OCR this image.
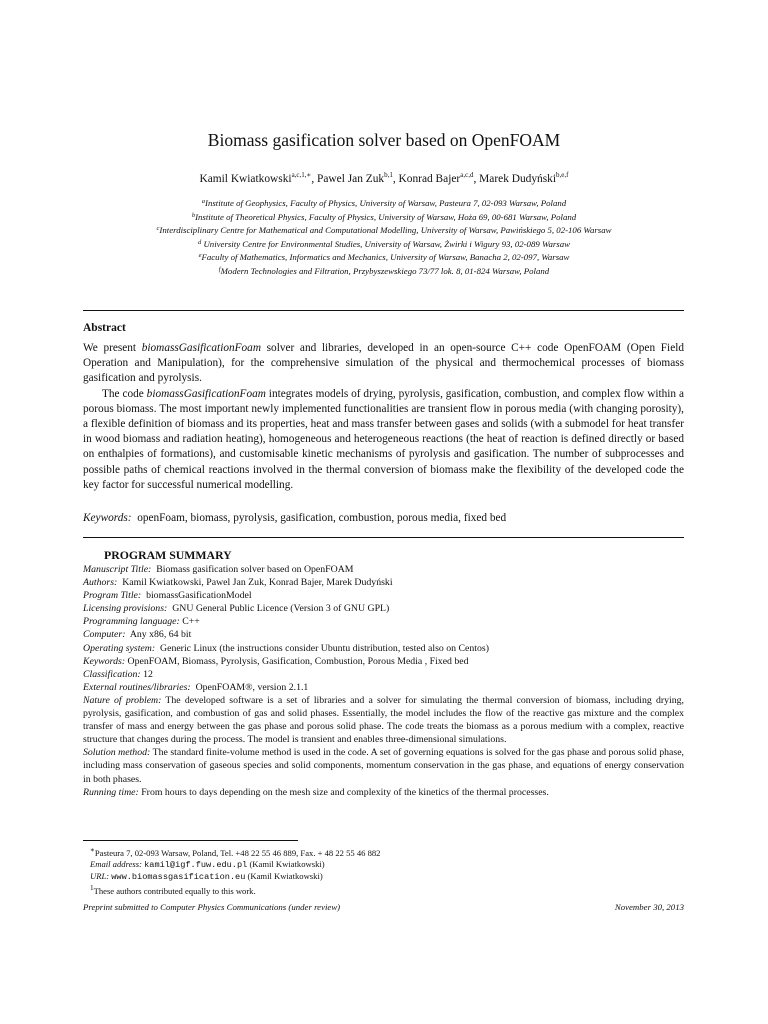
Biomass gasification solver based on OpenFOAM
Kamil Kwiatkowski$^{a,c,1,∗}$, Pawel Jan Zuk$^{b,1}$, Konrad Bajer$^{a,c,d}$, Marek Dudyński$^{b,e,f}$
$^a$Institute of Geophysics, Faculty of Physics, University of Warsaw, Pasteura 7, 02-093 Warsaw, Poland
$^b$Institute of Theoretical Physics, Faculty of Physics, University of Warsaw, Hoża 69, 00-681 Warsaw, Poland
$^c$Interdisciplinary Centre for Mathematical and Computational Modelling, University of Warsaw, Pawińskiego 5, 02-106 Warsaw
$^d$ University Centre for Environmental Studies, University of Warsaw, Żwirki i Wigury 93, 02-089 Warsaw
$^e$Faculty of Mathematics, Informatics and Mechanics, University of Warsaw, Banacha 2, 02-097, Warsaw
$^f$Modern Technologies and Filtration, Przybyszewskiego 73/77 lok. 8, 01-824 Warsaw, Poland
Abstract

We present biomassGasificationFoam solver and libraries, developed in an open-source C++ code OpenFOAM (Open Field Operation and Manipulation), for the comprehensive simulation of the physical and thermochemical processes of biomass gasification and pyrolysis.

The code biomassGasificationFoam integrates models of drying, pyrolysis, gasification, combustion, and complex flow within a porous biomass. The most important newly implemented functionalities are transient flow in porous media (with changing porosity), a flexible definition of biomass and its properties, heat and mass transfer between gases and solids (with a submodel for heat transfer in wood biomass and radiation heating), homogeneous and heterogeneous reactions (the heat of reaction is defined directly or based on enthalpies of formations), and customisable kinetic mechanisms of pyrolysis and gasification. The number of subprocesses and possible paths of chemical reactions involved in the thermal conversion of biomass make the flexibility of the developed code the key factor for successful numerical modelling.

Keywords: openFoam, biomass, pyrolysis, gasification, combustion, porous media, fixed bed
PROGRAM SUMMARY
Manuscript Title: Biomass gasification solver based on OpenFOAM
Authors: Kamil Kwiatkowski, Pawel Jan Zuk, Konrad Bajer, Marek Dudyński
Program Title: biomassGasificationModel
Licensing provisions: GNU General Public Licence (Version 3 of GNU GPL)
Programming language: C++
Computer: Any x86, 64 bit
Operating system: Generic Linux (the instructions consider Ubuntu distribution, tested also on Centos)
Keywords: OpenFOAM, Biomass, Pyrolysis, Gasification, Combustion, Porous Media , Fixed bed
Classification: 12
External routines/libraries: OpenFOAM®, version 2.1.1
Nature of problem: The developed software is a set of libraries and a solver for simulating the thermal conversion of biomass, including drying, pyrolysis, gasification, and combustion of gas and solid phases. Essentially, the model includes the flow of the reactive gas mixture and the complex transfer of mass and energy between the gas phase and porous solid phase. The code treats the biomass as a porous medium with a complex, reactive structure that changes during the process. The model is transient and enables three-dimensional simulations.
Solution method: The standard finite-volume method is used in the code. A set of governing equations is solved for the gas phase and porous solid phase, including mass conservation of gaseous species and solid components, momentum conservation in the gas phase, and equations of energy conservation in both phases.
Running time: From hours to days depending on the mesh size and complexity of the kinetics of the thermal processes.
∗Pasteura 7, 02-093 Warsaw, Poland, Tel. +48 22 55 46 889, Fax. + 48 22 55 46 882
Email address: kamil@igf.fuw.edu.pl (Kamil Kwiatkowski)
URL: www.biomassgasification.eu (Kamil Kwiatkowski)
$^1$These authors contributed equally to this work.
Preprint submitted to Computer Physics Communications (under review)	November 30, 2013
